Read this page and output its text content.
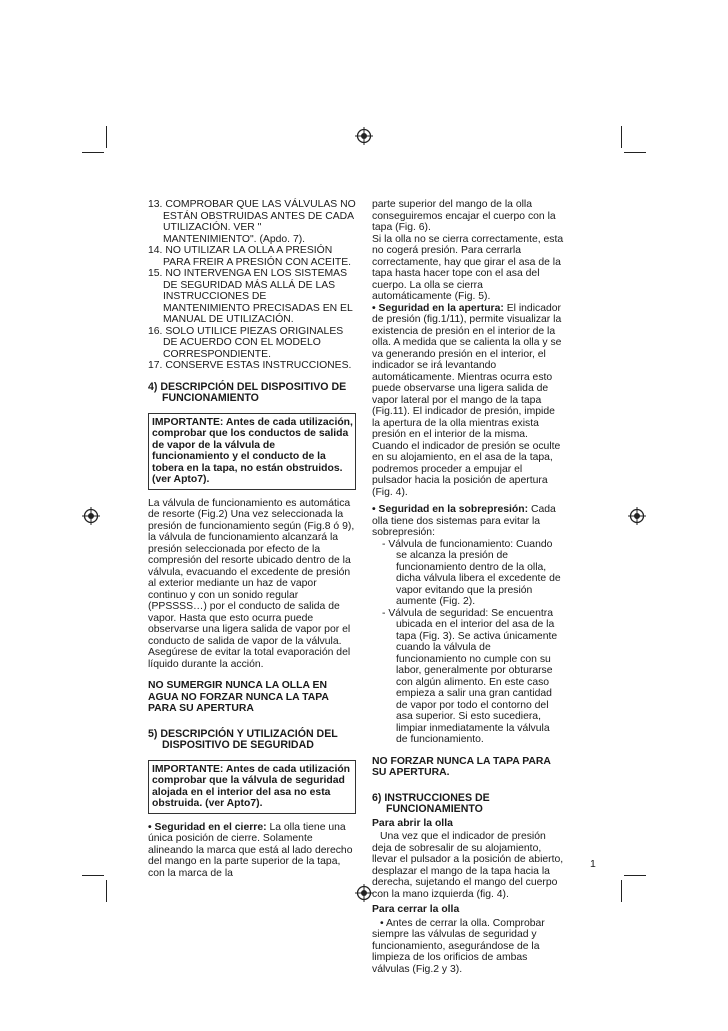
13. COMPROBAR QUE LAS VÁLVULAS NO ESTÁN OBSTRUIDAS ANTES DE CADA UTILIZACIÓN. VER " MANTENIMIENTO". (Apdo. 7).

14. NO UTILIZAR LA OLLA A PRESIÓN PARA FREIR A PRESIÓN CON ACEITE.

15. NO INTERVENGA EN LOS SISTEMAS DE SEGURIDAD MÁS ALLÁ DE LAS INSTRUCCIONES DE MANTENIMIENTO PRECISADAS EN EL MANUAL DE UTILIZACIÓN.

16. SOLO UTILICE PIEZAS ORIGINALES DE ACUERDO CON EL MODELO CORRESPONDIENTE.

17. CONSERVE ESTAS INSTRUCCIONES.

4) DESCRIPCIÓN DEL DISPOSITIVO DE FUNCIONAMIENTO
IMPORTANTE: Antes de cada utilización, comprobar que los conductos de salida de vapor de la válvula de funcionamiento y el conducto de la tobera en la tapa, no están obstruidos. (ver Apto7).

La válvula de funcionamiento es automática de resorte (Fig.2) Una vez seleccionada la presión de funcionamiento según (Fig.8 ó 9), la válvula de funcionamiento alcanzará la presión seleccionada por efecto de la compresión del resorte ubicado dentro de la válvula, evacuando el excedente de presión al exterior mediante un haz de vapor continuo y con un sonido regular (PPSSSS…) por el conducto de salida de vapor. Hasta que esto ocurra puede observarse una ligera salida de vapor por el conducto de salida de vapor de la válvula.

Asegúrese de evitar la total evaporación del líquido durante la acción.

NO SUMERGIR NUNCA LA OLLA EN AGUA NO FORZAR NUNCA LA TAPA PARA SU APERTURA

5) DESCRIPCIÓN Y UTILIZACIÓN DEL DISPOSITIVO DE SEGURIDAD
IMPORTANTE: Antes de cada utilización comprobar que la válvula de seguridad alojada en el interior del asa no esta obstruida. (ver Apto7).

• Seguridad en el cierre: La olla tiene una única posición de cierre. Solamente alineando la marca que está al lado derecho del mango en la parte superior de la tapa, con la marca de la

parte superior del mango de la olla conseguiremos encajar el cuerpo con la tapa (Fig. 6).

Si la olla no se cierra correctamente, esta no cogerá presión. Para cerrarla correctamente, hay que girar el asa de la tapa hasta hacer tope con el asa del cuerpo. La olla se cierra automáticamente (Fig. 5).

• Seguridad en la apertura: El indicador de presión (fig.1/11), permite visualizar la existencia de presión en el interior de la olla. A medida que se calienta la olla y se va generando presión en el interior, el indicador se irá levantando automáticamente. Mientras ocurra esto puede observarse una ligera salida de vapor lateral por el mango de la tapa (Fig.11). El indicador de presión, impide la apertura de la olla mientras exista presión en el interior de la misma.

Cuando el indicador de presión se oculte en su alojamiento, en el asa de la tapa, podremos proceder a empujar el pulsador hacia la posición de apertura (Fig. 4).

• Seguridad en la sobrepresión: Cada olla tiene dos sistemas para evitar la sobrepresión:

- Válvula de funcionamiento: Cuando se alcanza la presión de funcionamiento dentro de la olla, dicha válvula libera el excedente de vapor evitando que la presión aumente (Fig. 2).

- Válvula de seguridad: Se encuentra ubicada en el interior del asa de la tapa (Fig. 3). Se activa únicamente cuando la válvula de funcionamiento no cumple con su labor, generalmente por obturarse con algún alimento. En este caso empieza a salir una gran cantidad de vapor por todo el contorno del asa superior. Si esto sucediera, limpiar inmediatamente la válvula de funcionamiento.

NO FORZAR NUNCA LA TAPA PARA SU APERTURA.

6) INSTRUCCIONES DE FUNCIONAMIENTO

Para abrir la olla

Una vez que el indicador de presión deja de sobresalir de su alojamiento, llevar el pulsador a la posición de abierto, desplazar el mango de la tapa hacia la derecha, sujetando el mango del cuerpo con la mano izquierda (fig. 4).

Para cerrar la olla

• Antes de cerrar la olla. Comprobar siempre las válvulas de seguridad y funcionamiento, asegurándose de la limpieza de los orificios de ambas válvulas (Fig.2 y 3).

1
